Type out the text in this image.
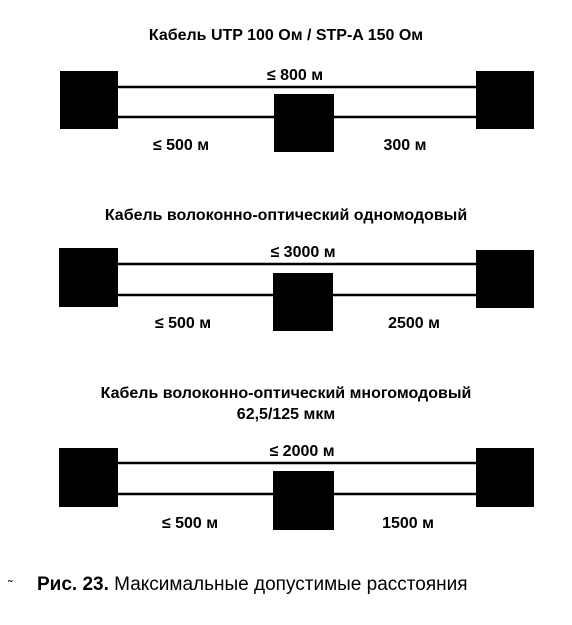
Кабель UTP 100 Ом / STP-A 150 Ом
Кабель волоконно-оптический одномодовый
Кабель волоконно-оптический многомодовый
62,5/125 мкм
≤ 800 м
≤ 500 м	300 м
≤ 3000 м
≤ 500 м	2500 м
≤ 2000 м
≤ 500 м	1500 м
˜ Рис. 23. Максимальные допустимые расстояния
